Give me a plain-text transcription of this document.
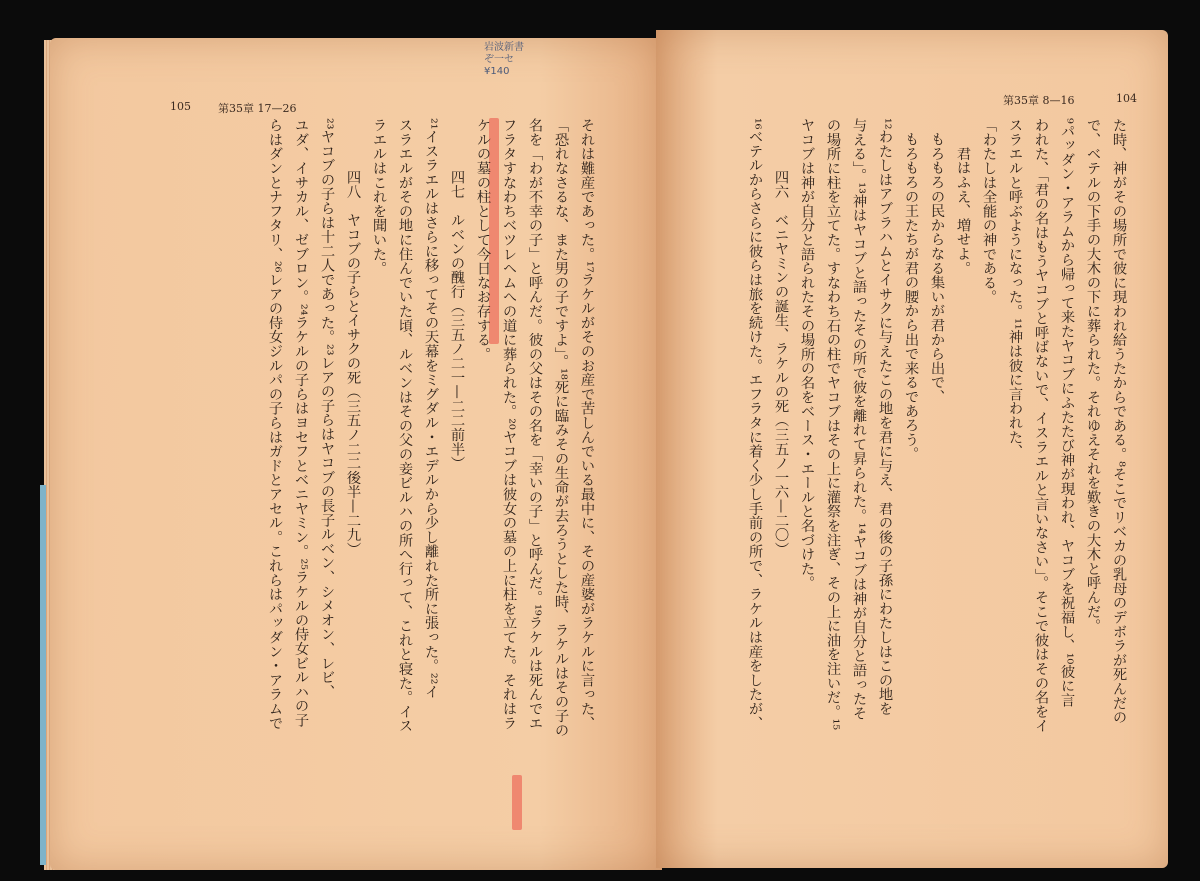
105 第35章 17—26
第35章 8—16	104
岩波新書
ぞ一セ
¥140
それは難産であった。¹⁷ラケルがそのお産で苦しんでいる最中に、その産婆がラケルに言った、
「恐れなさるな、また男の子ですよ」。¹⁸死に臨みその生命が去ろうとした時、ラケルはその子の
名を「わが不幸の子」と呼んだ。彼の父はその名を「幸いの子」と呼んだ。¹⁹ラケルは死んでエ
フラタすなわちベツレヘムへの道に葬られた。²⁰ヤコブは彼女の墓の上に柱を立てた。それはラ
ケルの墓の柱として今日なお存する。
四七　ルベンの醜行（三五ノ二一—二二前半）
²¹イスラエルはさらに移ってその天幕をミグダル・エデルから少し離れた所に張った。²²イ
スラエルがその地に住んでいた頃、ルベンはその父の妾ビルハの所へ行って、これと寝た。イス
ラエルはこれを聞いた。
四八　ヤコブの子らとイサクの死（三五ノ二二後半—二九）
²³ヤコブの子らは十二人であった。²³レアの子らはヤコブの長子ルベン、シメオン、レビ、
ユダ、イサカル、ゼブロン。²⁴ラケルの子らはヨセフとベニヤミン。²⁵ラケルの侍女ビルハの子
らはダンとナフタリ、²⁶レアの侍女ジルパの子らはガドとアセル。これらはパッダン・アラムで	た時、神がその場所で彼に現われ給うたからである。⁸そこでリベカの乳母のデボラが死んだの
で、ベテルの下手の大木の下に葬られた。それゆえそれを歎きの大木と呼んだ。
⁹パッダン・アラムから帰って来たヤコブにふたたび神が現われ、ヤコブを祝福し、¹⁰彼に言
われた、「君の名はもうヤコブと呼ばないで、イスラエルと言いなさい」。そこで彼はその名をイ
スラエルと呼ぶようになった。¹¹神は彼に言われた、
「わたしは全能の神である。
　君はふえ、増せよ。
もろもろの民からなる集いが君から出で、
もろもろの王たちが君の腰から出で来るであろう。
¹²わたしはアブラハムとイサクに与えたこの地を君に与え、君の後の子孫にわたしはこの地を
与える」。¹³神はヤコブと語ったその所で彼を離れて昇られた。¹⁴ヤコブは神が自分と語ったそ
の場所に柱を立てた。すなわち石の柱でヤコブはその上に灌祭を注ぎ、その上に油を注いだ。¹⁵
ヤコブは神が自分と語られたその場所の名をベース・エールと名づけた。
四六　ベニヤミンの誕生、ラケルの死（三五ノ一六—二〇）
¹⁶ベテルからさらに彼らは旅を続けた。エフラタに着く少し手前の所で、ラケルは産をしたが、
